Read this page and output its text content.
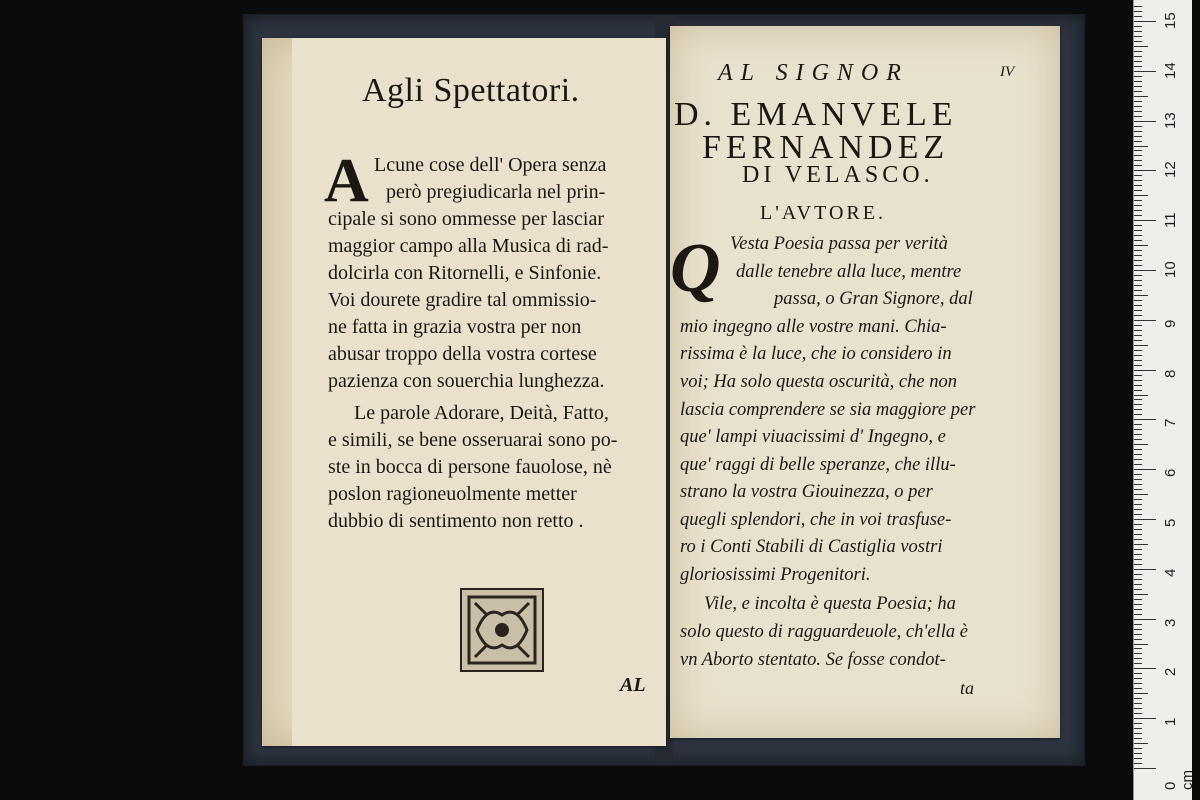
Agli Spettatori.
A Lcune cose dell' Opera senza
però pregiudicarla nel prin-
cipale si sono ommesse per lasciar
maggior campo alla Musica di rad-
dolcirla con Ritornelli, e Sinfonie.
Voi dourete gradire tal ommissio-
ne fatta in grazia vostra per non
abusar troppo della vostra cortese
pazienza con souerchia lunghezza.
Le parole Adorare, Deità, Fatto,
e simili, se bene osseruarai sono po-
ste in bocca di persone fauolose, nè
poslon ragioneuolmente metter
dubbio di sentimento non retto .
AL
IV
AL SIGNOR
D. EMANVELE
FERNANDEZ
DI VELASCO.
L'AVTORE.
Q Vesta Poesia passa per verità
dalle tenebre alla luce, mentre
passa, o Gran Signore, dal
mio ingegno alle vostre mani. Chia-
rissima è la luce, che io considero in
voi; Ha solo questa oscurità, che non
lascia comprendere se sia maggiore per
que' lampi viuacissimi d' Ingegno, e
que' raggi di belle speranze, che illu-
strano la vostra Giouinezza, o per
quegli splendori, che in voi trasfuse-
ro i Conti Stabili di Castiglia vostri
gloriosissimi Progenitori.
Vile, e incolta è questa Poesia; ha
solo questo di ragguardeuole, ch'ella è
vn Aborto stentato. Se fosse condot-
ta
0 cm
1
2
3
4
5
6
7
8
9
10
11
12
13
14
15
